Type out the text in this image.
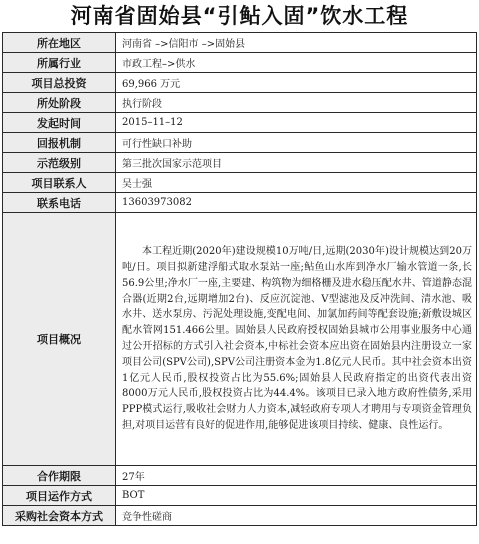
河南省固始县“引鲇入固”饮水工程
所在地区	河南省 –>信阳市 –>固始县
所属行业	市政工程–>供水
项目总投资	69,966 万元
所处阶段	执行阶段
发起时间	2015–11–12
回报机制	可行性缺口补助
示范级别	第三批次国家示范项目
项目联系人	吴士强
联系电话	13603973082
项目概况	本工程近期(2020年)建设规模10万吨/日,远期(2030年)设计规模达到20万吨/日。项目拟新建浮船式取水泵站一座;鲇鱼山水库到净水厂输水管道一条,长56.9公里;净水厂一座,主要建、构筑物为细格栅及进水稳压配水井、管道静态混合器(近期2台,远期增加2台)、反应沉淀池、V型滤池及反冲洗间、清水池、吸水井、送水泵房、污泥处理设施,变配电间、加氯加药间等配套设施;新敷设城区配水管网151.466公里。固始县人民政府授权固始县城市公用事业服务中心通过公开招标的方式引入社会资本,中标社会资本应出资在固始县内注册设立一家项目公司(SPV公司),SPV公司注册资本金为1.8亿元人民币。其中社会资本出资1亿元人民币,股权投资占比为55.6%;固始县人民政府指定的出资代表出资8000万元人民币,股权投资占比为44.4%。该项目已录入地方政府性债务,采用PPP模式运行,吸收社会财力人力资本,减轻政府专项人才聘用与专项资金管理负担,对项目运营有良好的促进作用,能够促进该项目持续、健康、良性运行。
合作期限	27年
项目运作方式	BOT
采购社会资本方式	竞争性磋商
